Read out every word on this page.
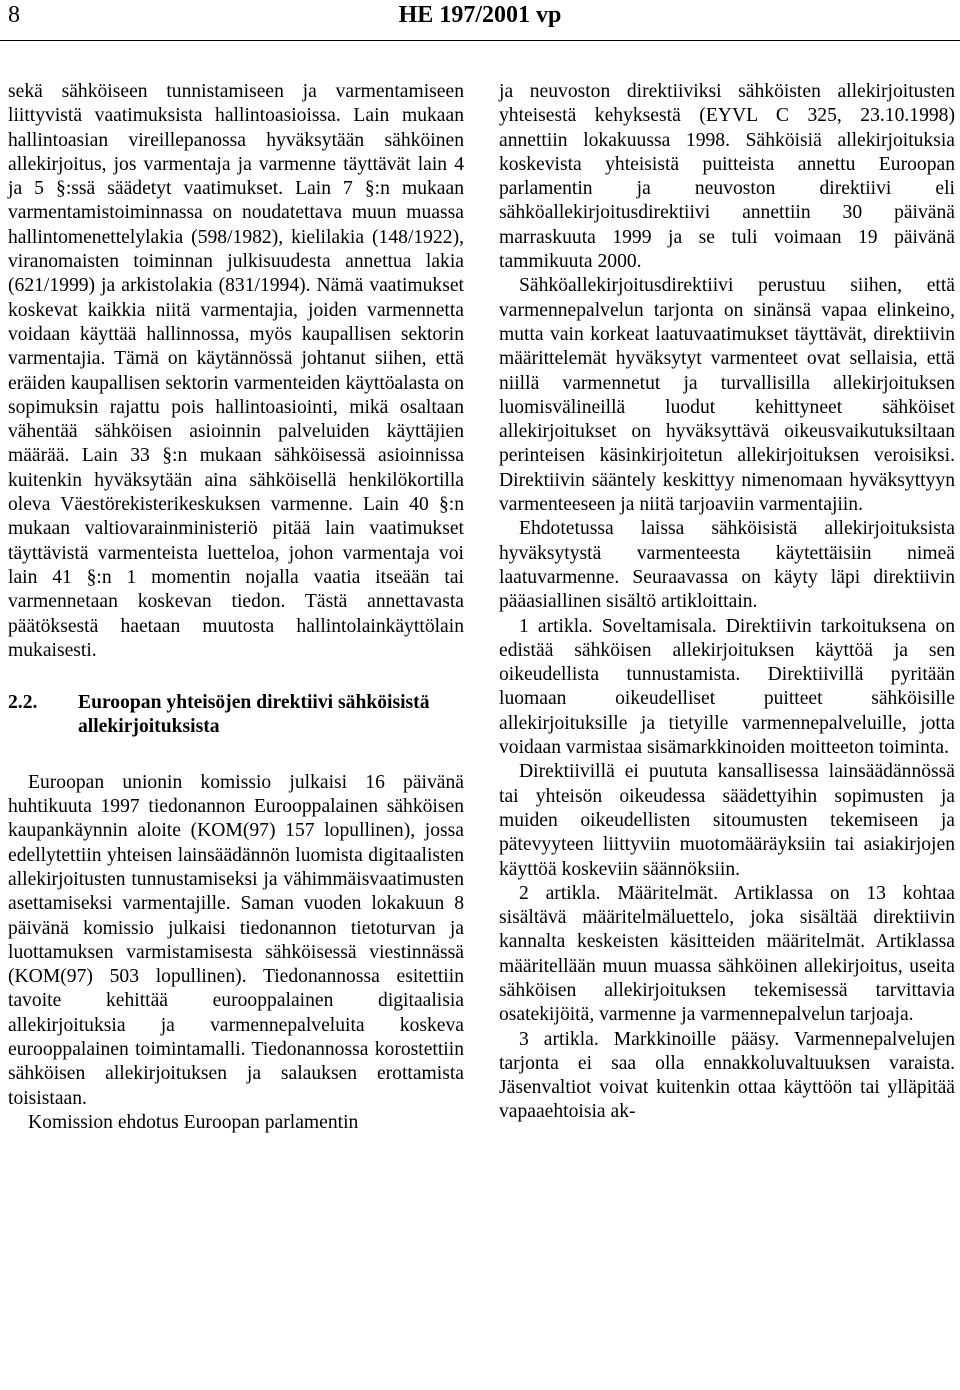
8	HE 197/2001 vp

sekä sähköiseen tunnistamiseen ja varmentamiseen liittyvistä vaatimuksista hallintoasioissa. Lain mukaan hallintoasian vireillepanossa hyväksytään sähköinen allekirjoitus, jos varmentaja ja varmenne täyttävät lain 4 ja 5 §:ssä säädetyt vaatimukset. Lain 7 §:n mukaan varmentamistoiminnassa on noudatettava muun muassa hallintomenettelylakia (598/1982), kielilakia (148/1922), viranomaisten toiminnan julkisuudesta annettua lakia (621/1999) ja arkistolakia (831/1994). Nämä vaatimukset koskevat kaikkia niitä varmentajia, joiden varmennetta voidaan käyttää hallinnossa, myös kaupallisen sektorin varmentajia. Tämä on käytännössä johtanut siihen, että eräiden kaupallisen sektorin varmenteiden käyttöalasta on sopimuksin rajattu pois hallintoasiointi, mikä osaltaan vähentää sähköisen asioinnin palveluiden käyttäjien määrää. Lain 33 §:n mukaan sähköisessä asioinnissa kuitenkin hyväksytään aina sähköisellä henkilökortilla oleva Väestörekisterikeskuksen varmenne. Lain 40 §:n mukaan valtiovarainministeriö pitää lain vaatimukset täyttävistä varmenteista luetteloa, johon varmentaja voi lain 41 §:n 1 momentin nojalla vaatia itseään tai varmennetaan koskevan tiedon. Tästä annettavasta päätöksestä haetaan muutosta hallintolainkäyttölain mukaisesti.

2.2.	Euroopan yhteisöjen direktiivi sähköisistä allekirjoituksista

Euroopan unionin komissio julkaisi 16 päivänä huhtikuuta 1997 tiedonannon Eurooppalainen sähköisen kaupankäynnin aloite (KOM(97) 157 lopullinen), jossa edellytettiin yhteisen lainsäädännön luomista digitaalisten allekirjoitusten tunnustamiseksi ja vähimmäisvaatimusten asettamiseksi varmentajille. Saman vuoden lokakuun 8 päivänä komissio julkaisi tiedonannon tietoturvan ja luottamuksen varmistamisesta sähköisessä viestinnässä (KOM(97) 503 lopullinen). Tiedonannossa esitettiin tavoite kehittää eurooppalainen digitaalisia allekirjoituksia ja varmennepalveluita koskeva eurooppalainen toimintamalli. Tiedonannossa korostettiin sähköisen allekirjoituksen ja salauksen erottamista toisistaan.

Komission ehdotus Euroopan parlamentin

ja neuvoston direktiiviksi sähköisten allekirjoitusten yhteisestä kehyksestä (EYVL C 325, 23.10.1998) annettiin lokakuussa 1998. Sähköisiä allekirjoituksia koskevista yhteisistä puitteista annettu Euroopan parlamentin ja neuvoston direktiivi eli sähköallekirjoitusdirektiivi annettiin 30 päivänä marraskuuta 1999 ja se tuli voimaan 19 päivänä tammikuuta 2000.

Sähköallekirjoitusdirektiivi perustuu siihen, että varmennepalvelun tarjonta on sinänsä vapaa elinkeino, mutta vain korkeat laatuvaatimukset täyttävät, direktiivin määrittelemät hyväksytyt varmenteet ovat sellaisia, että niillä varmennetut ja turvallisilla allekirjoituksen luomisvälineillä luodut kehittyneet sähköiset allekirjoitukset on hyväksyttävä oikeusvaikutuksiltaan perinteisen käsinkirjoitetun allekirjoituksen veroisiksi. Direktiivin sääntely keskittyy nimenomaan hyväksyttyyn varmenteeseen ja niitä tarjoaviin varmentajiin.

Ehdotetussa laissa sähköisistä allekirjoituksista hyväksytystä varmenteesta käytettäisiin nimeä laatuvarmenne. Seuraavassa on käyty läpi direktiivin pääasiallinen sisältö artikloittain.

1 artikla. Soveltamisala. Direktiivin tarkoituksena on edistää sähköisen allekirjoituksen käyttöä ja sen oikeudellista tunnustamista. Direktiivillä pyritään luomaan oikeudelliset puitteet sähköisille allekirjoituksille ja tietyille varmennepalveluille, jotta voidaan varmistaa sisämarkkinoiden moitteeton toiminta.

Direktiivillä ei puututa kansallisessa lainsäädännössä tai yhteisön oikeudessa säädettyihin sopimusten ja muiden oikeudellisten sitoumusten tekemiseen ja pätevyyteen liittyviin muotomääräyksiin tai asiakirjojen käyttöä koskeviin säännöksiin.

2 artikla. Määritelmät. Artiklassa on 13 kohtaa sisältävä määritelmäluettelo, joka sisältää direktiivin kannalta keskeisten käsitteiden määritelmät. Artiklassa määritellään muun muassa sähköinen allekirjoitus, useita sähköisen allekirjoituksen tekemisessä tarvittavia osatekijöitä, varmenne ja varmennepalvelun tarjoaja.

3 artikla. Markkinoille pääsy. Varmennepalvelujen tarjonta ei saa olla ennakkoluvaltuuksen varaista. Jäsenvaltiot voivat kuitenkin ottaa käyttöön tai ylläpitää vapaaehtoisia ak-
